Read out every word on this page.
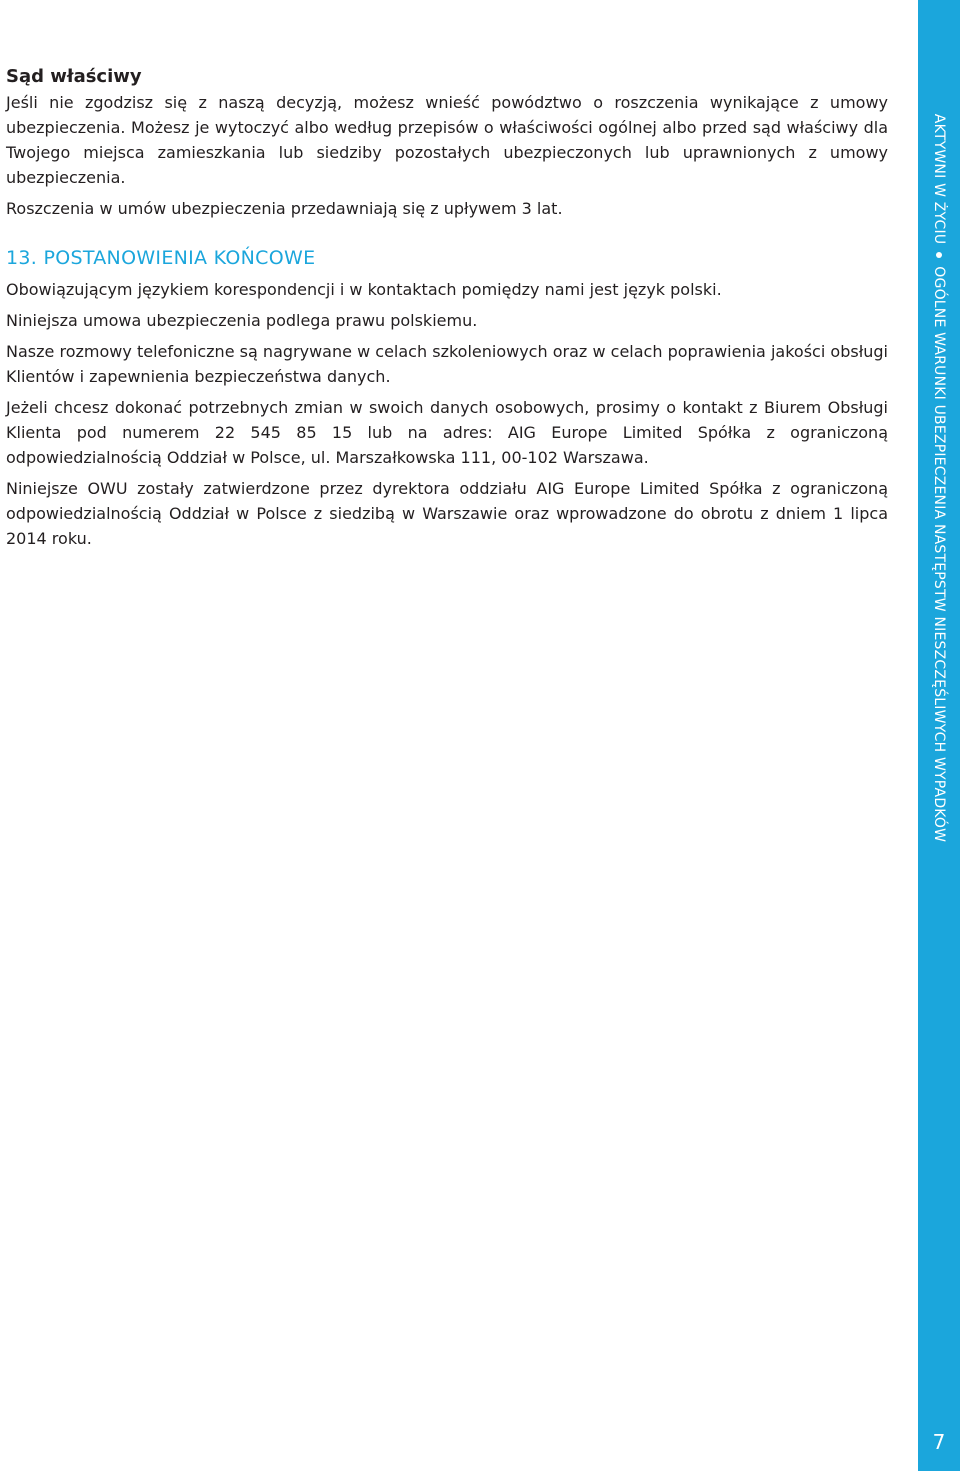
Sąd właściwy

Jeśli nie zgodzisz się z naszą decyzją, możesz wnieść powództwo o roszczenia wynikające z umowy ubezpieczenia. Możesz je wytoczyć albo według przepisów o właściwości ogólnej albo przed sąd właściwy dla Twojego miejsca zamieszkania lub siedziby pozostałych ubezpieczonych lub uprawnionych z umowy ubezpieczenia.

Roszczenia w umów ubezpieczenia przedawniają się z upływem 3 lat.

13. POSTANOWIENIA KOŃCOWE

Obowiązującym językiem korespondencji i w kontaktach pomiędzy nami jest język polski.

Niniejsza umowa ubezpieczenia podlega prawu polskiemu.

Nasze rozmowy telefoniczne są nagrywane w celach szkoleniowych oraz w celach poprawienia jakości obsługi Klientów i zapewnienia bezpieczeństwa danych.

Jeżeli chcesz dokonać potrzebnych zmian w swoich danych osobowych, prosimy o kontakt z Biurem Obsługi Klienta pod numerem 22 545 85 15 lub na adres: AIG Europe Limited Spółka z ograniczoną odpowiedzialnością Oddział w Polsce, ul. Marszałkowska 111, 00-102 Warszawa.

Niniejsze OWU zostały zatwierdzone przez dyrektora oddziału AIG Europe Limited Spółka z ograniczoną odpowiedzialnością Oddział w Polsce z siedzibą w Warszawie oraz wprowadzone do obrotu z dniem 1 lipca 2014 roku.

AKTYWNI W ŻYCIUOGÓLNE WARUNKI UBEZPIECZENIA NASTĘPSTW NIESZCZĘŚLIWYCH WYPADKÓW
7
